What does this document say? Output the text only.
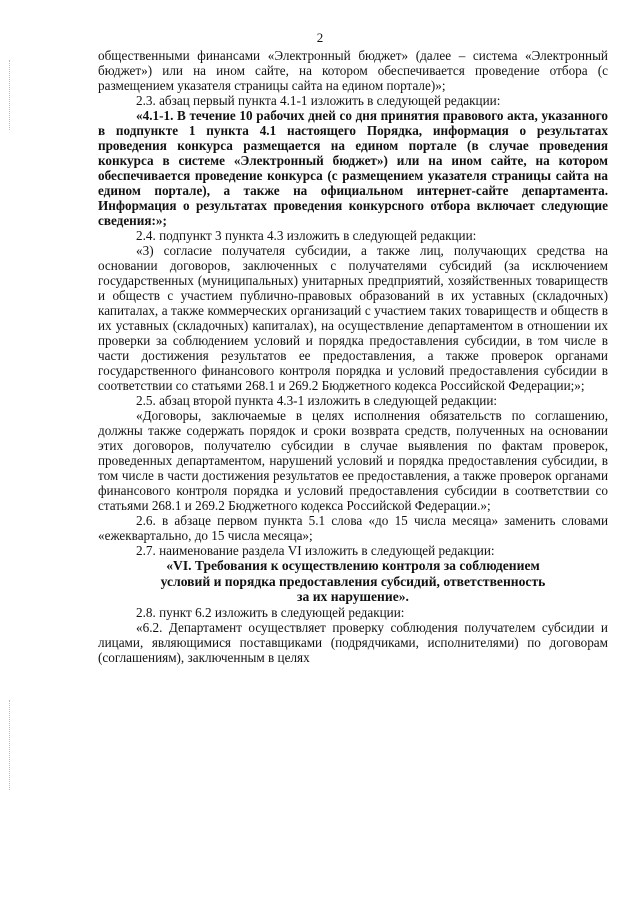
2

общественными финансами «Электронный бюджет» (далее – система «Электронный бюджет») или на ином сайте, на котором обеспечивается проведение отбора (с размещением указателя страницы сайта на едином портале)»;

2.3. абзац первый пункта 4.1-1 изложить в следующей редакции:

«4.1-1. В течение 10 рабочих дней со дня принятия правового акта, указанного в подпункте 1 пункта 4.1 настоящего Порядка, информация о результатах проведения конкурса размещается на едином портале (в случае проведения конкурса в системе «Электронный бюджет») или на ином сайте, на котором обеспечивается проведение конкурса (с размещением указателя страницы сайта на едином портале), а также на официальном интернет-сайте департамента. Информация о результатах проведения конкурсного отбора включает следующие сведения:»;

2.4. подпункт 3 пункта 4.3 изложить в следующей редакции:

«3) согласие получателя субсидии, а также лиц, получающих средства на основании договоров, заключенных с получателями субсидий (за исключением государственных (муниципальных) унитарных предприятий, хозяйственных товариществ и обществ с участием публично-правовых образований в их уставных (складочных) капиталах, а также коммерческих организаций с участием таких товариществ и обществ в их уставных (складочных) капиталах), на осуществление департаментом в отношении их проверки за соблюдением условий и порядка предоставления субсидии, в том числе в части достижения результатов ее предоставления, а также проверок органами государственного финансового контроля порядка и условий предоставления субсидии в соответствии со статьями 268.1 и 269.2 Бюджетного кодекса Российской Федерации;»;

2.5. абзац второй пункта 4.3-1 изложить в следующей редакции:

«Договоры, заключаемые в целях исполнения обязательств по соглашению, должны также содержать порядок и сроки возврата средств, полученных на основании этих договоров, получателю субсидии в случае выявления по фактам проверок, проведенных департаментом, нарушений условий и порядка предоставления субсидии, в том числе в части достижения результатов ее предоставления, а также проверок органами финансового контроля порядка и условий предоставления субсидии в соответствии со статьями 268.1 и 269.2 Бюджетного кодекса Российской Федерации.»;

2.6. в абзаце первом пункта 5.1 слова «до 15 числа месяца» заменить словами «ежеквартально, до 15 числа месяца»;

2.7. наименование раздела VI изложить в следующей редакции:

«VI. Требования к осуществлению контроля за соблюдением
условий и порядка предоставления субсидий, ответственность
за их нарушение».

2.8. пункт 6.2 изложить в следующей редакции:

«6.2. Департамент осуществляет проверку соблюдения получателем субсидии и лицами, являющимися поставщиками (подрядчиками, исполнителями) по договорам (соглашениям), заключенным в целях
